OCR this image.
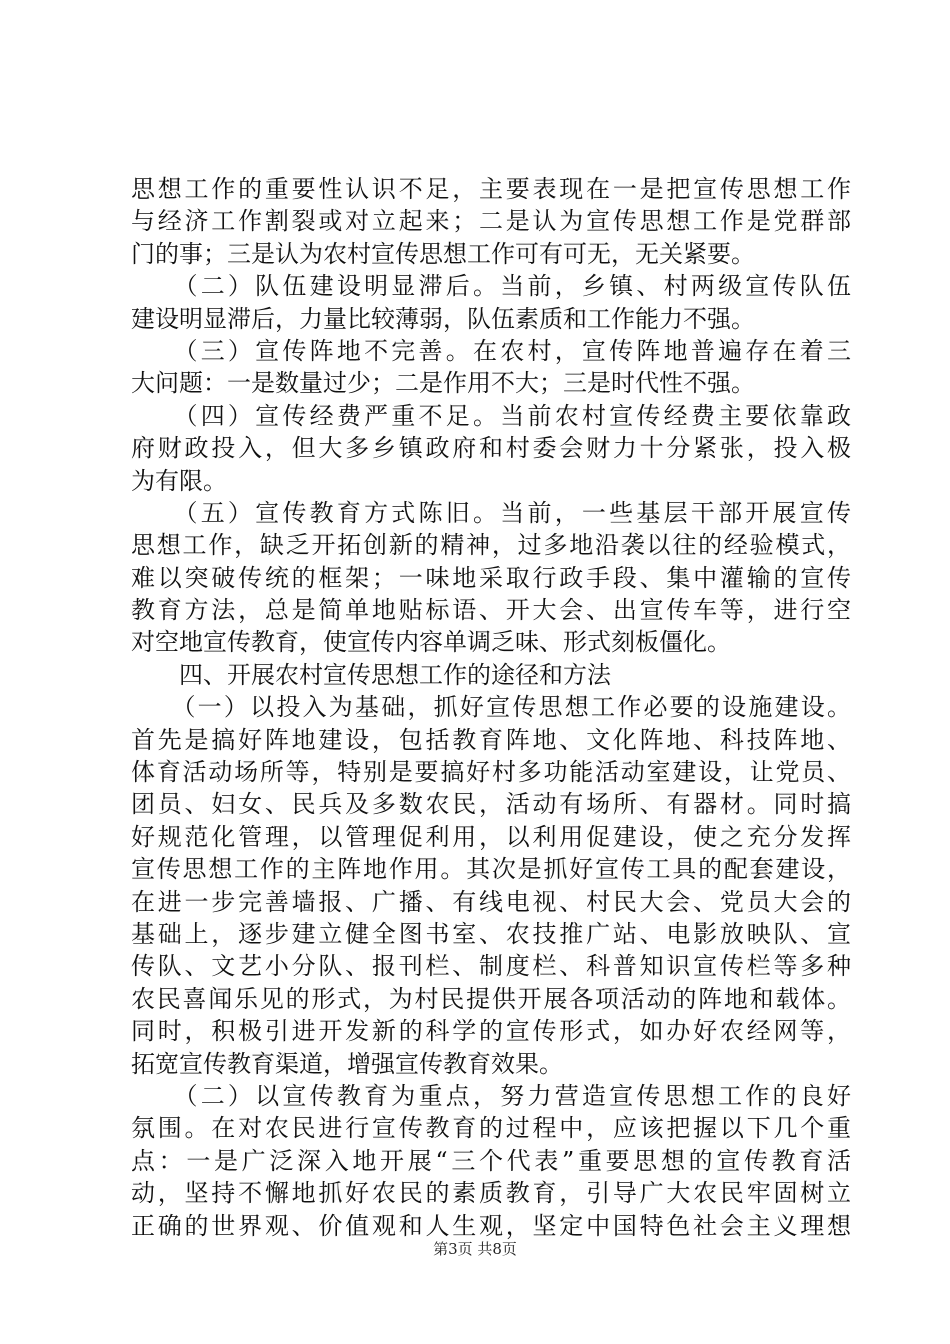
思想工作的重要性认识不足，主要表现在一是把宣传思想工作
与经济工作割裂或对立起来；二是认为宣传思想工作是党群部
门的事；三是认为农村宣传思想工作可有可无，无关紧要。
　　（二）队伍建设明显滞后。当前，乡镇、村两级宣传队伍
建设明显滞后，力量比较薄弱，队伍素质和工作能力不强。
　　（三）宣传阵地不完善。在农村，宣传阵地普遍存在着三
大问题：一是数量过少；二是作用不大；三是时代性不强。
　　（四）宣传经费严重不足。当前农村宣传经费主要依靠政
府财政投入，但大多乡镇政府和村委会财力十分紧张，投入极
为有限。
　　（五）宣传教育方式陈旧。当前，一些基层干部开展宣传
思想工作，缺乏开拓创新的精神，过多地沿袭以往的经验模式，
难以突破传统的框架；一味地采取行政手段、集中灌输的宣传
教育方法，总是简单地贴标语、开大会、出宣传车等，进行空
对空地宣传教育，使宣传内容单调乏味、形式刻板僵化。
　　四、开展农村宣传思想工作的途径和方法
　　（一）以投入为基础，抓好宣传思想工作必要的设施建设。
首先是搞好阵地建设，包括教育阵地、文化阵地、科技阵地、
体育活动场所等，特别是要搞好村多功能活动室建设，让党员、
团员、妇女、民兵及多数农民，活动有场所、有器材。同时搞
好规范化管理，以管理促利用，以利用促建设，使之充分发挥
宣传思想工作的主阵地作用。其次是抓好宣传工具的配套建设，
在进一步完善墙报、广播、有线电视、村民大会、党员大会的
基础上，逐步建立健全图书室、农技推广站、电影放映队、宣
传队、文艺小分队、报刊栏、制度栏、科普知识宣传栏等多种
农民喜闻乐见的形式，为村民提供开展各项活动的阵地和载体。
同时，积极引进开发新的科学的宣传形式，如办好农经网等，
拓宽宣传教育渠道，增强宣传教育效果。
　　（二）以宣传教育为重点，努力营造宣传思想工作的良好
氛围。在对农民进行宣传教育的过程中，应该把握以下几个重
点：一是广泛深入地开展“三个代表”重要思想的宣传教育活
动，坚持不懈地抓好农民的素质教育，引导广大农民牢固树立
正确的世界观、价值观和人生观，坚定中国特色社会主义理想
第3页 共8页
